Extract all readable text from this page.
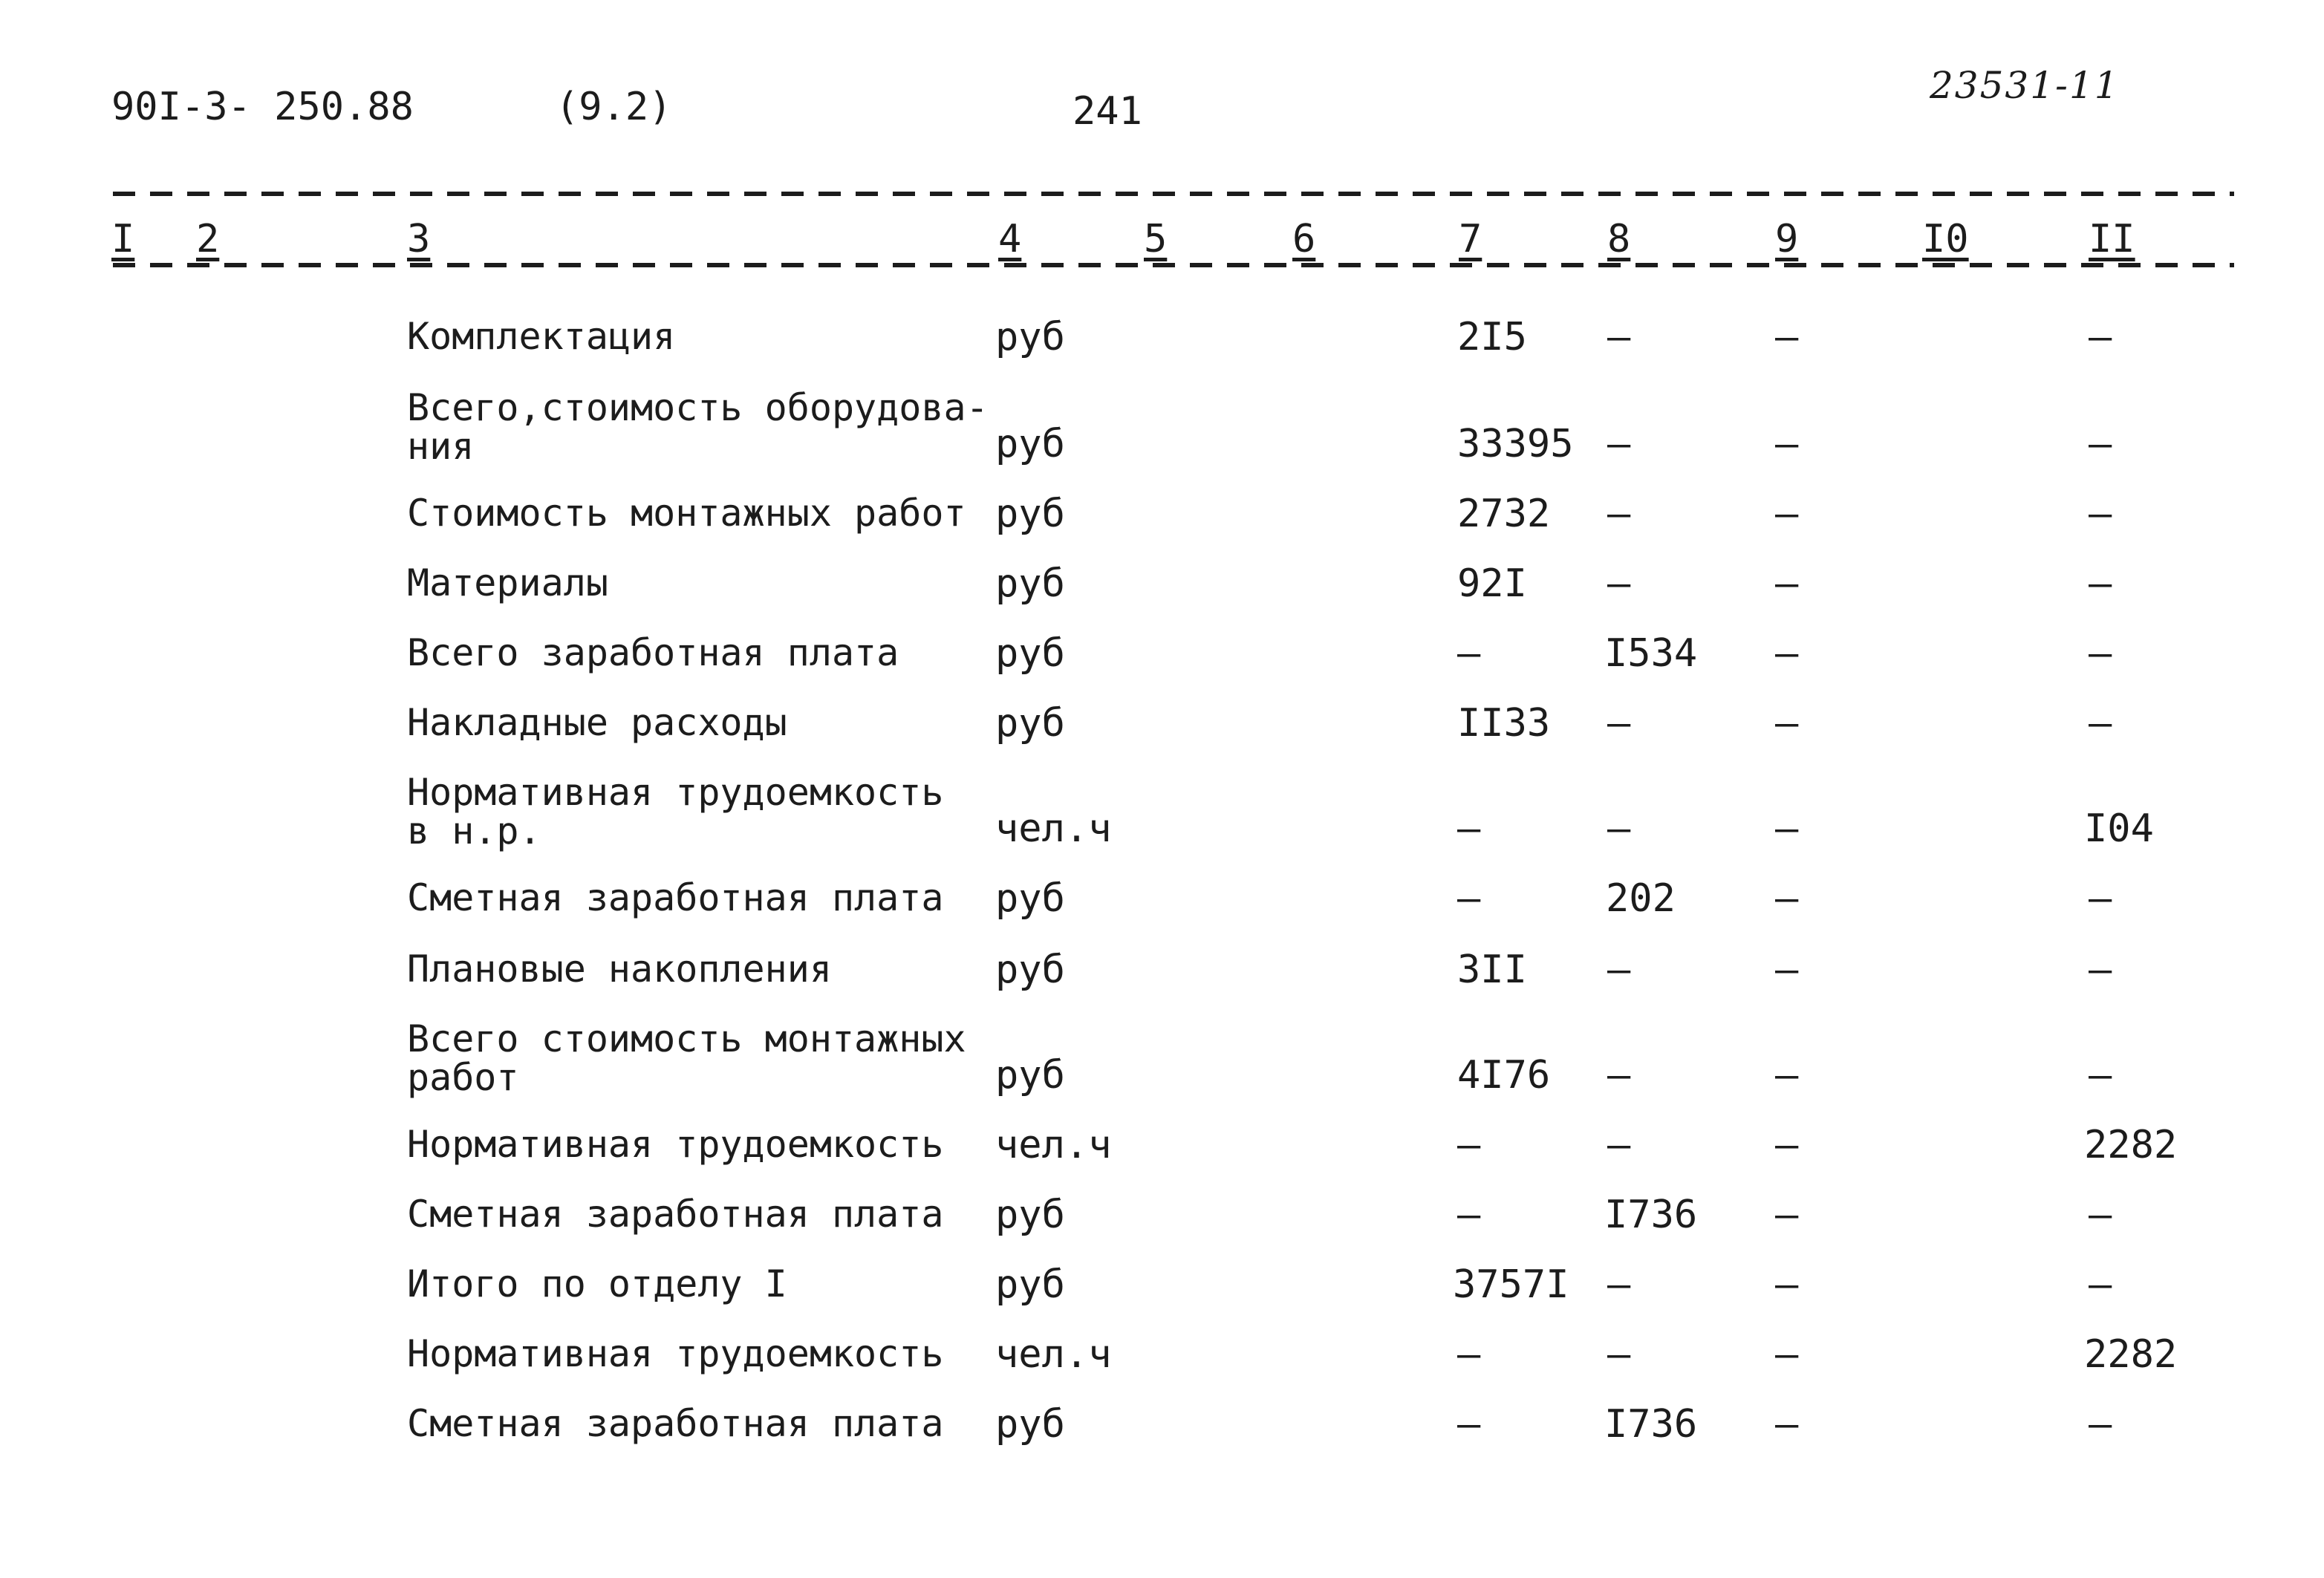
90I-3- 250.88	(9.2)	241
23531-11
I 2	3	4	5	6	7	8	9	I0	II
Комплектация	руб	2I5 –	–	–
Всего,стоимость оборудова-
ния	руб	33395 –	–	–
Стоимость монтажных работ руб	2732 –	–	–
Материалы	руб	92I –	–	–
Всего заработная плата руб	–	I534 –	–
Накладные расходы	руб	II33 –	–	–
Нормативная трудоемкость
в н.р.	чел.ч	–	–	–	I04
Сметная заработная плата руб	–	202	–	–
Плановые накопления	руб	3II –	–	–
Всего стоимость монтажных
работ	руб	4I76 –	–	–
Нормативная трудоемкость чел.ч	–	–	–	2282
Сметная заработная плата руб	–	I736 –	–
Итого по отделу I	руб	3757I –	–	–
Нормативная трудоемкость чел.ч	–	–	–	2282
Сметная заработная плата руб	–	I736 –	–
